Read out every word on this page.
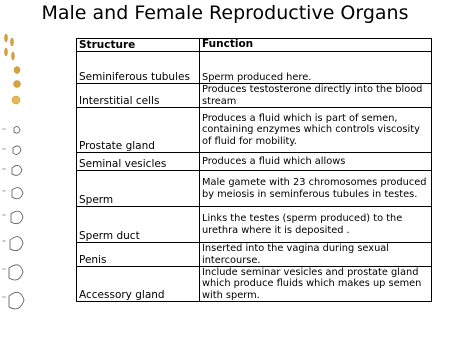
Male and Female Reproductive Organs
20
25
30
35
40
45
50
56
Structure	Function
Seminiferous tubules	Sperm produced here.
Interstitial cells	Produces testosterone directly into the blood stream
Prostate gland	Produces a fluid which is part of semen, containing enzymes which controls viscosity of fluid for mobility.
Seminal vesicles	Produces a fluid which allows
Sperm	Male gamete with 23 chromosomes produced by meiosis in seminferous tubules in testes.
Sperm duct	Links the testes (sperm produced) to the urethra where it is deposited .
Penis	Inserted into the vagina during sexual intercourse.
Accessory gland	Include seminar vesicles and prostate gland which produce fluids which makes up semen with sperm.
